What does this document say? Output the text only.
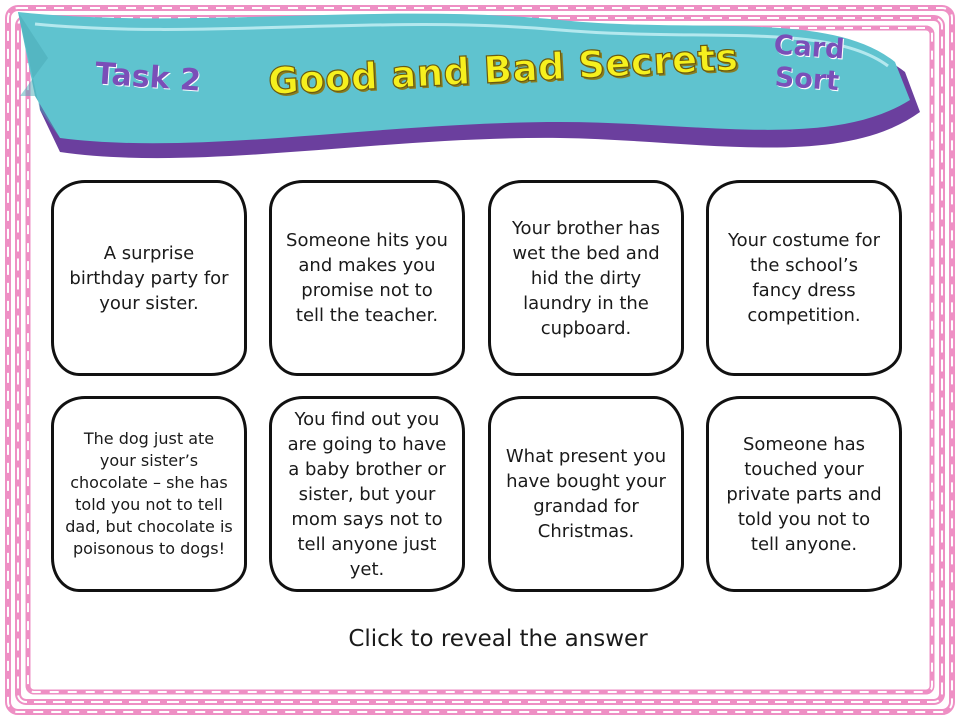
Task 2 Good and Bad Secrets Card Sort
A surprise birthday party for your sister.
Someone hits you and makes you promise not to tell the teacher.
Your brother has wet the bed and hid the dirty laundry in the cupboard.
Your costume for the school’s fancy dress competition.
The dog just ate your sister’s chocolate – she has told you not to tell dad, but chocolate is poisonous to dogs!
You find out you are going to have a baby brother or sister, but your mom says not to tell anyone just yet.
What present you have bought your grandad for Christmas.
Someone has touched your private parts and told you not to tell anyone.
Click to reveal the answer
